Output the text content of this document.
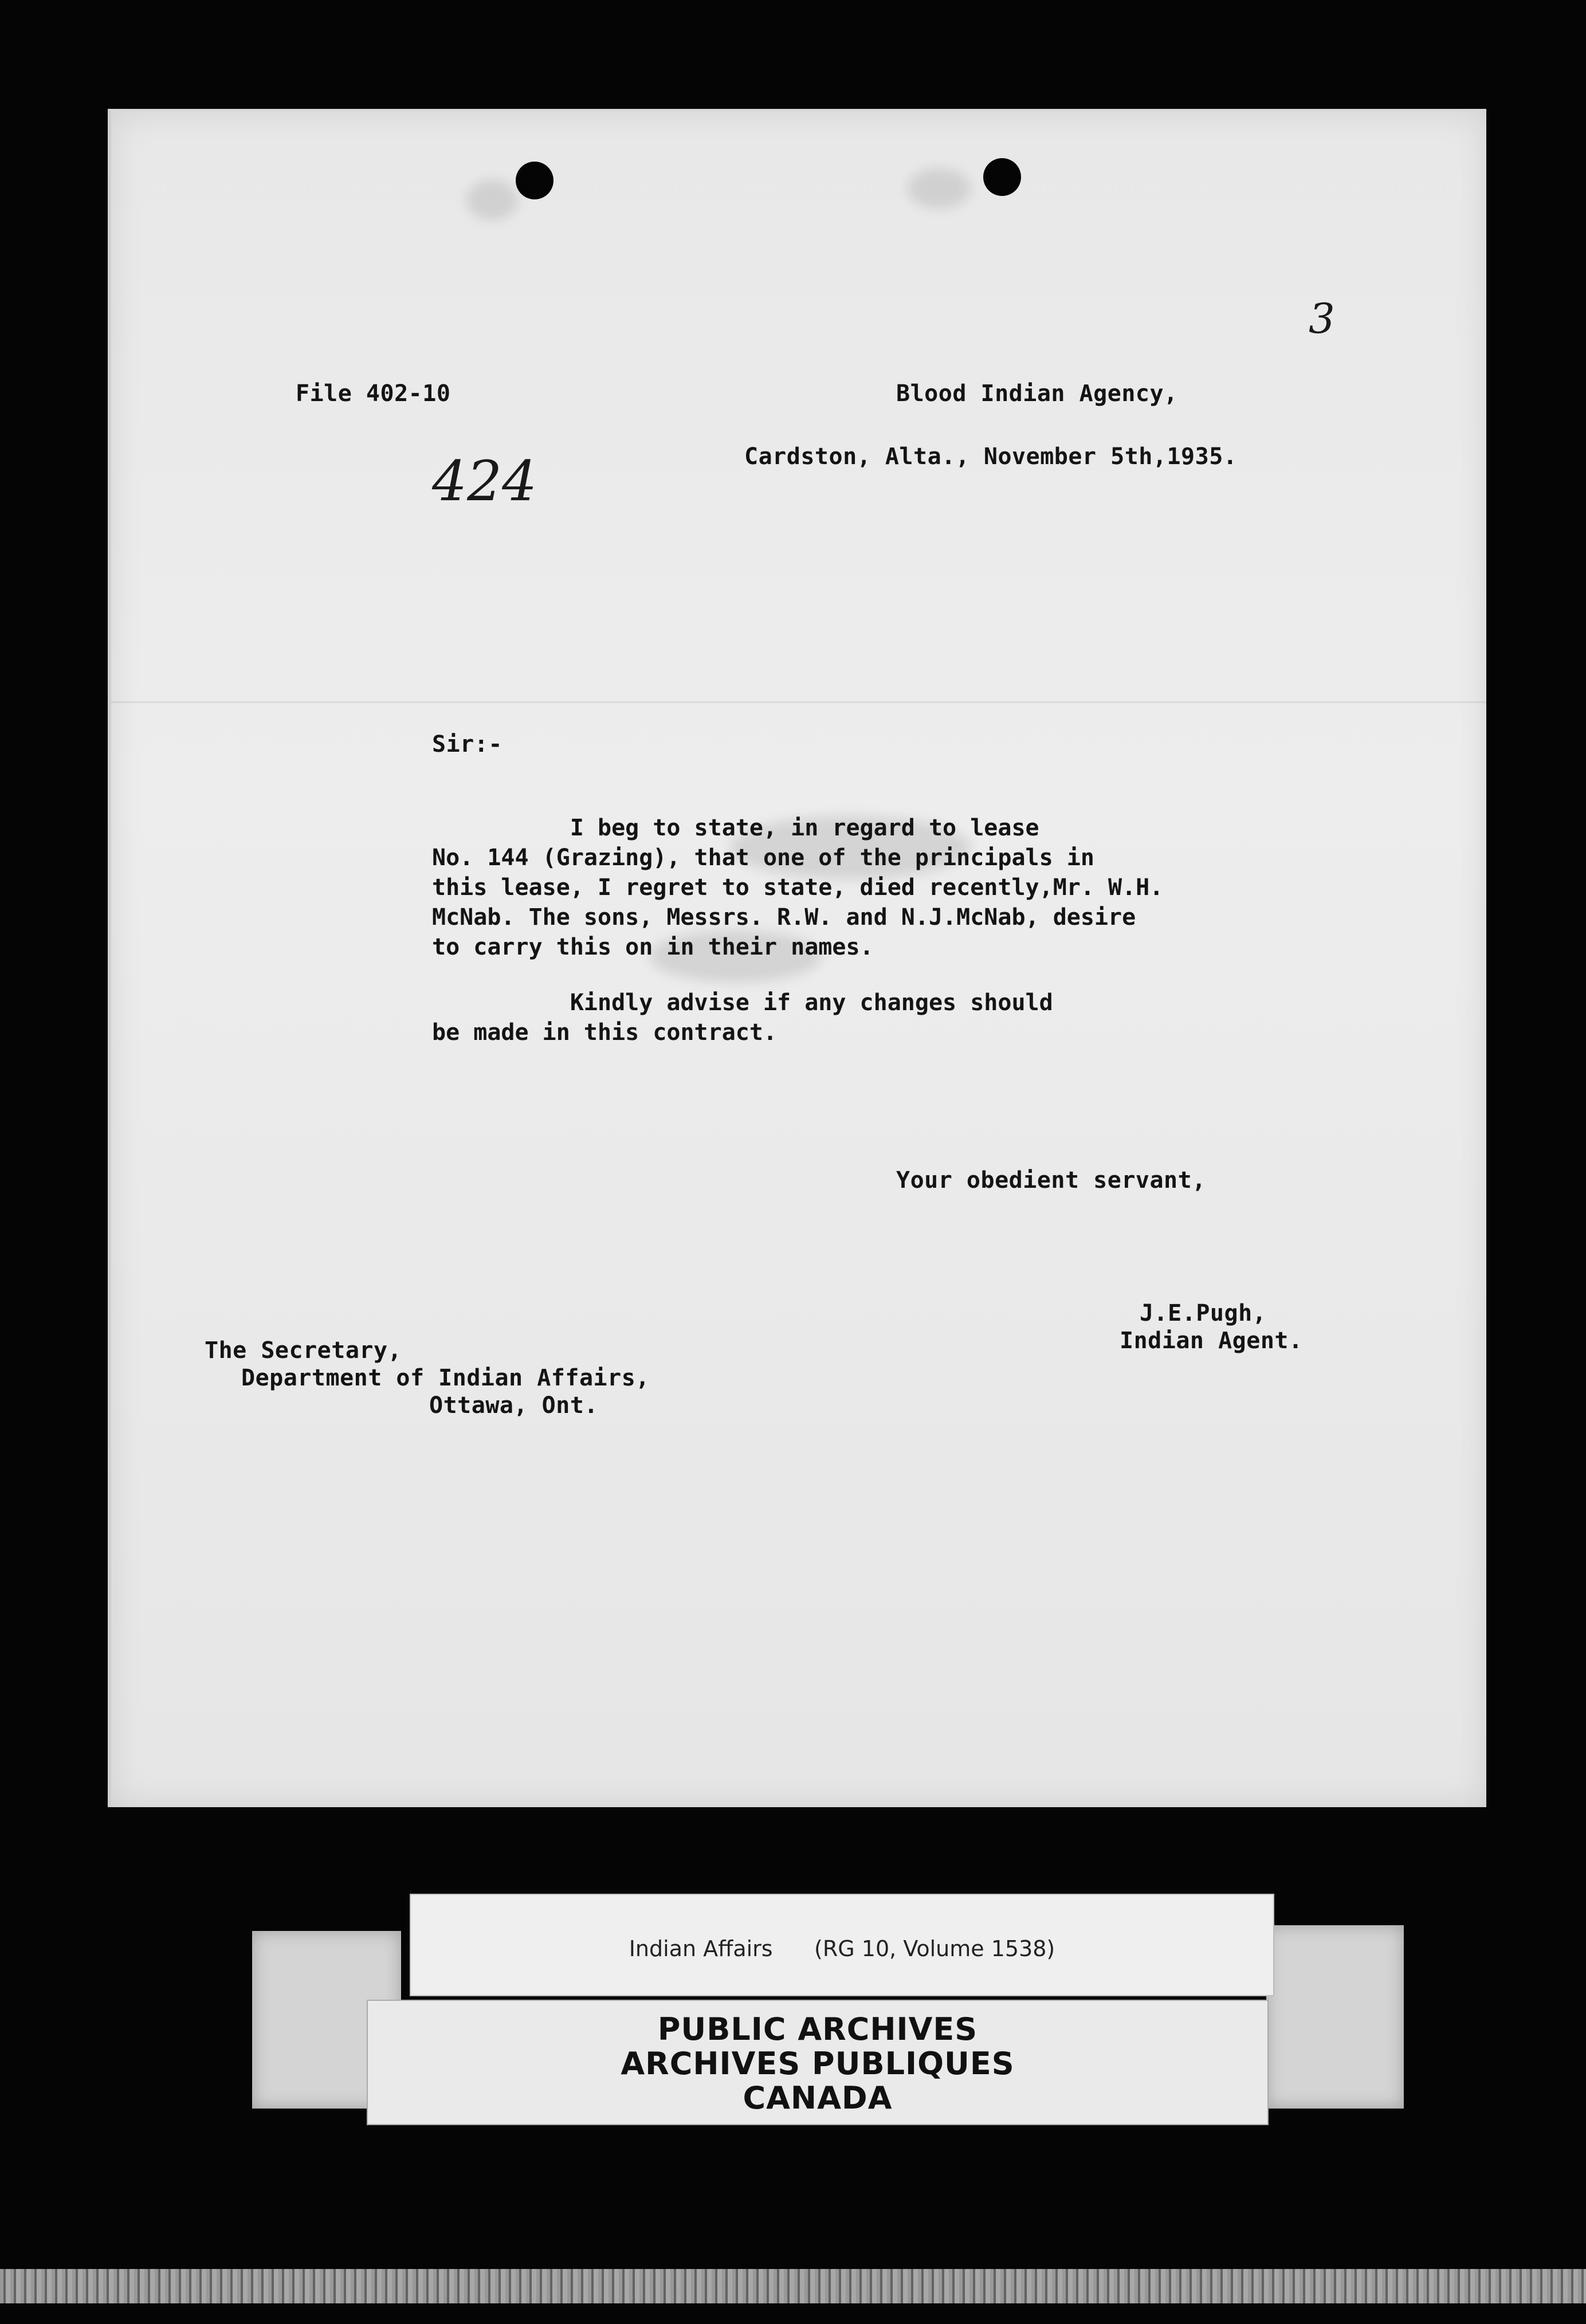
3
File 402-10
424
Blood Indian Agency,
Cardston, Alta., November 5th,1935.
Sir:-
I beg to state, in regard to lease
No. 144 (Grazing), that one of the principals in
this lease, I regret to state, died recently,Mr. W.H.
McNab. The sons, Messrs. R.W. and N.J.McNab, desire
to carry this on in their names.
Kindly advise if any changes should
be made in this contract.
Your obedient servant,
J.E.Pugh,
Indian Agent.
The Secretary,
Department of Indian Affairs,
Ottawa, Ont.
Indian Affairs      (RG 10, Volume 1538)
PUBLIC ARCHIVES
ARCHIVES PUBLIQUES
CANADA
